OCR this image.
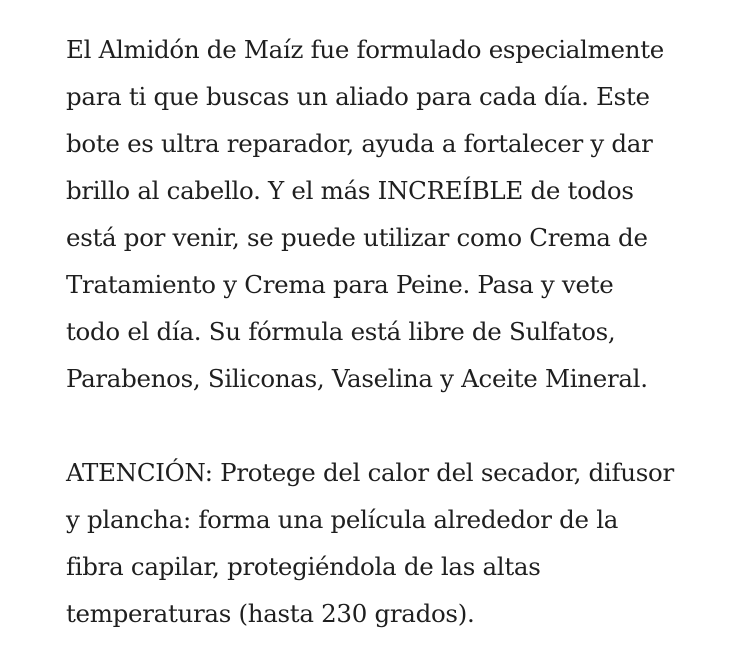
El Almidón de Maíz fue formulado especialmente
para ti que buscas un aliado para cada día. Este
bote es ultra reparador, ayuda a fortalecer y dar
brillo al cabello. Y el más INCREÍBLE de todos
está por venir, se puede utilizar como Crema de
Tratamiento y Crema para Peine. Pasa y vete
todo el día. Su fórmula está libre de Sulfatos,
Parabenos, Siliconas, Vaselina y Aceite Mineral.
ATENCIÓN: Protege del calor del secador, difusor
y plancha: forma una película alrededor de la
fibra capilar, protegiéndola de las altas
temperaturas (hasta 230 grados).
